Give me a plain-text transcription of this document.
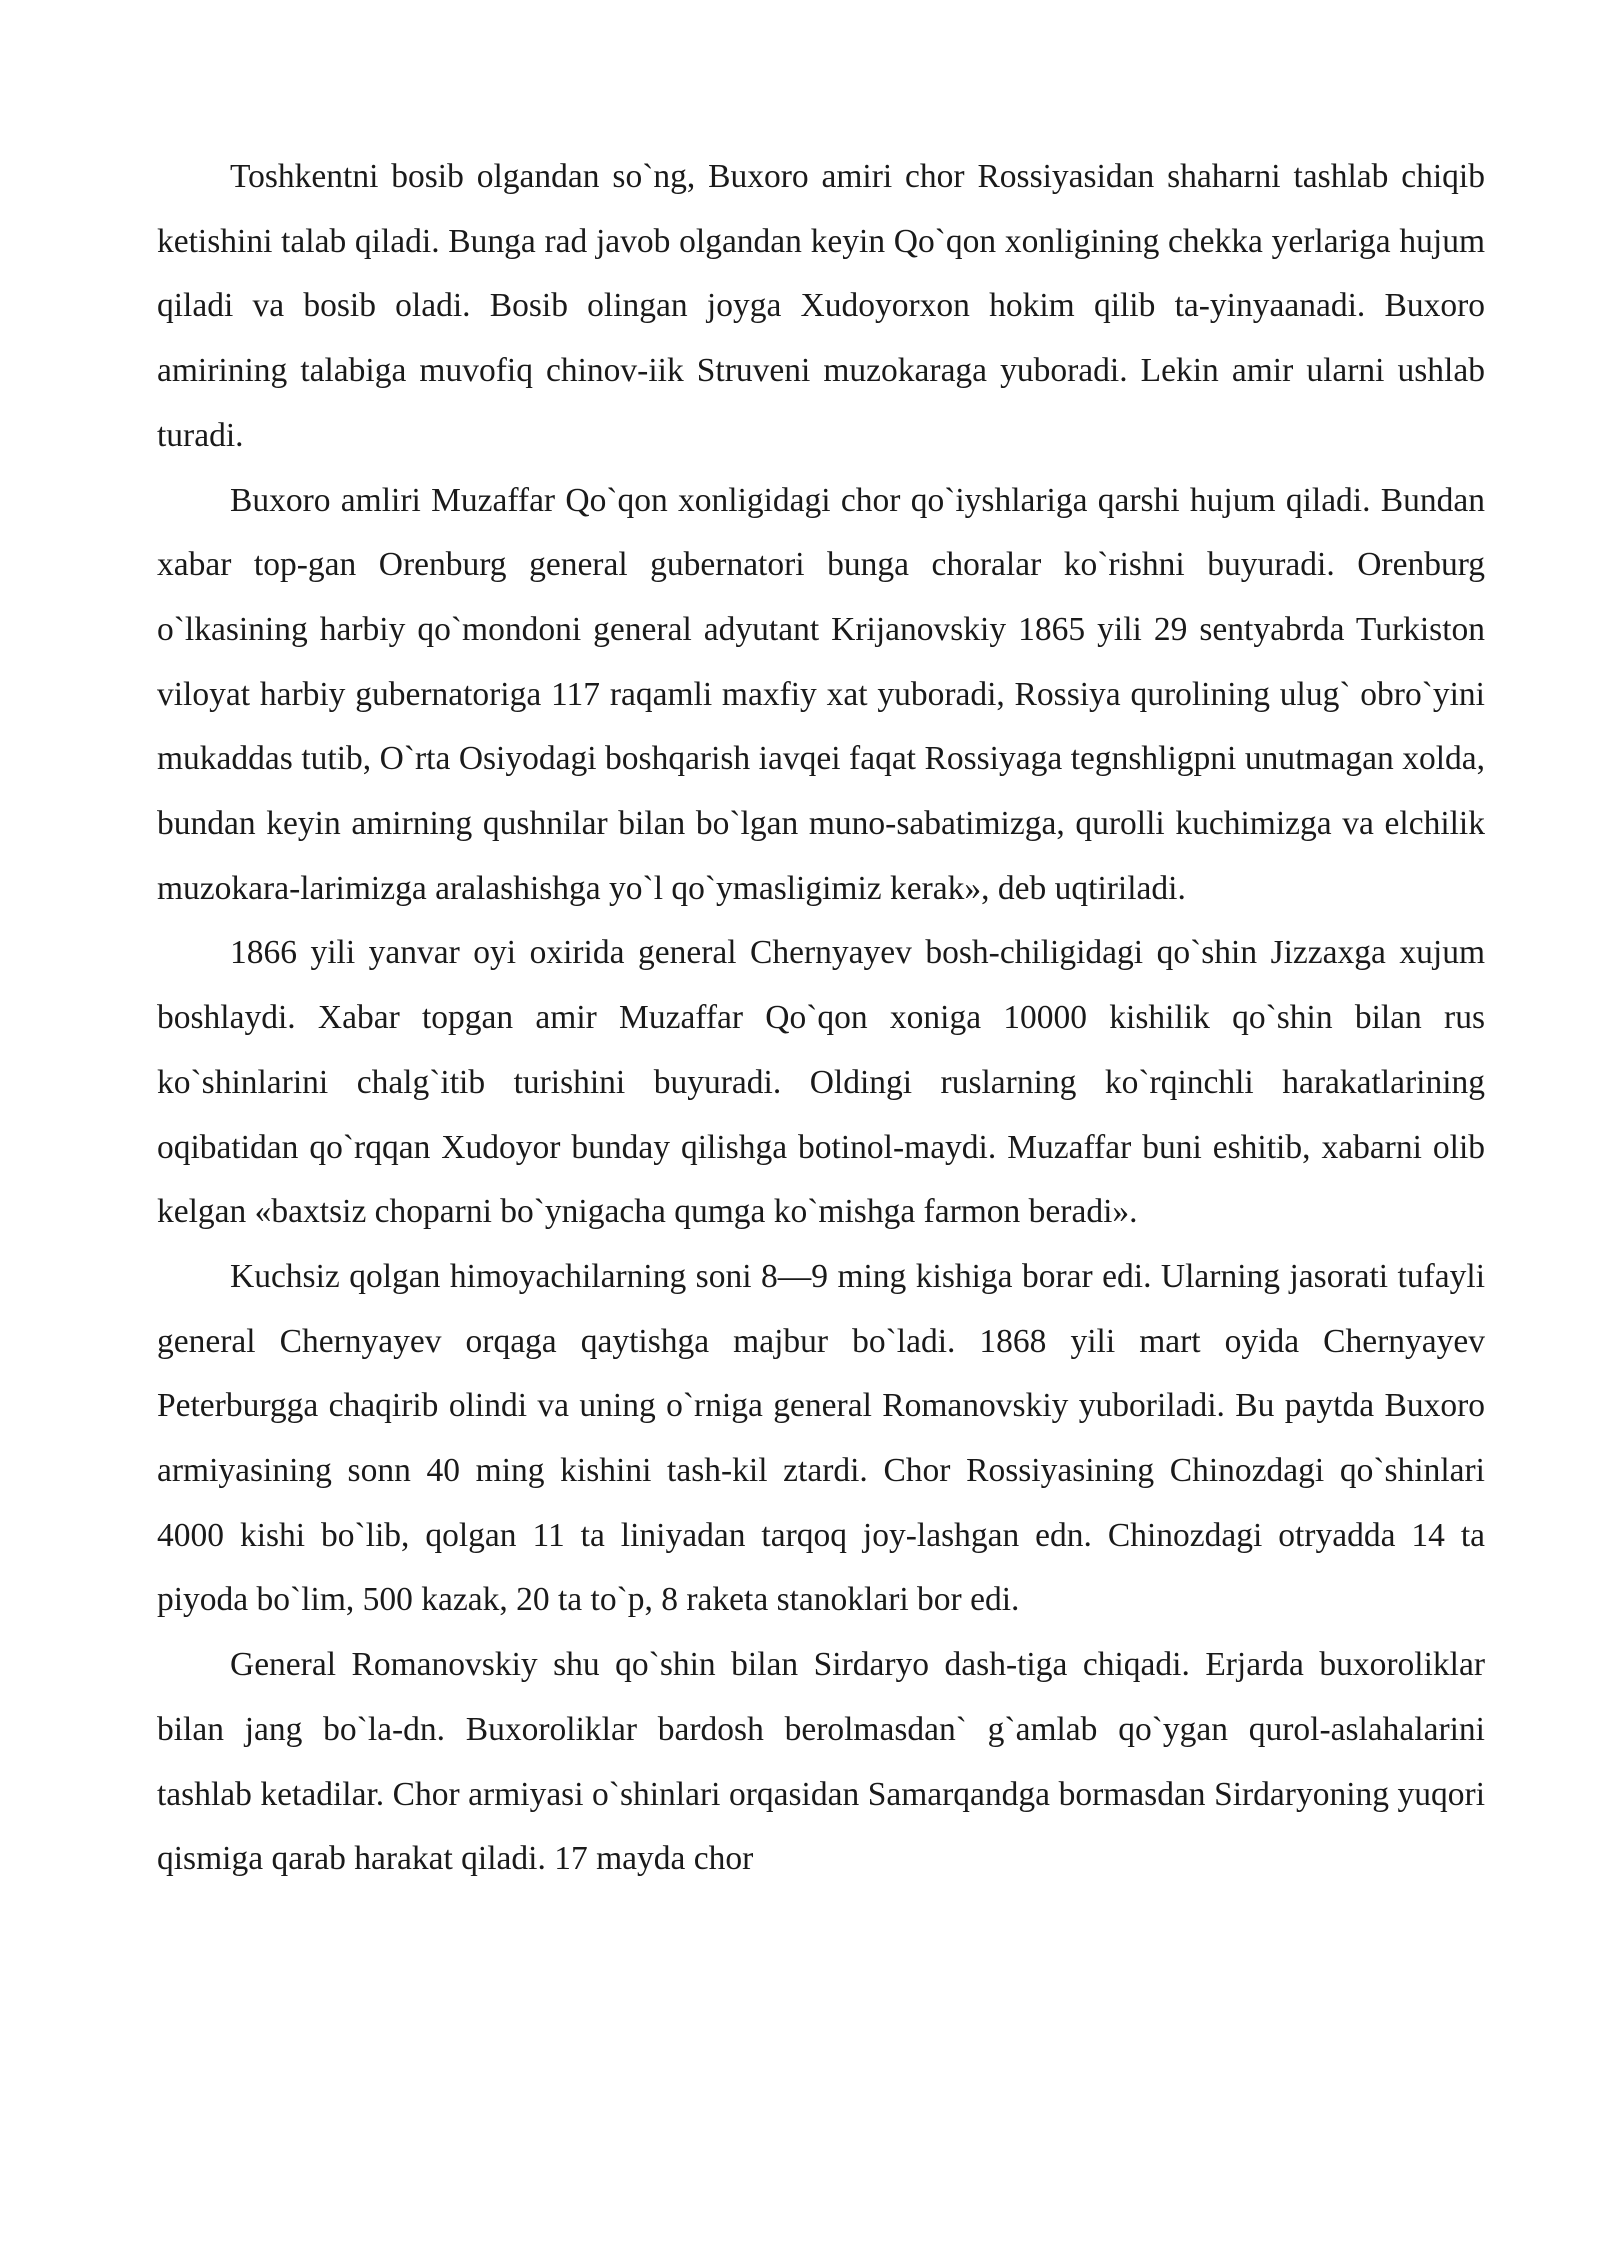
Toshkentni bosib olgandan so`ng, Buxoro amiri chor Rossiyasidan shaharni tashlab chiqib ketishini talab qiladi. Bunga rad javob olgandan keyin Qo`qon xonligining chekka yerlariga hujum qiladi va bosib oladi. Bosib olingan joyga Xudoyorxon hokim qilib ta-yinyaanadi. Buxoro amirining talabiga muvofiq chinov-iik Struveni muzokaraga yuboradi. Lekin amir ularni ushlab turadi.

Buxoro amliri Muzaffar Qo`qon xonligidagi chor qo`iyshlariga qarshi hujum qiladi. Bundan xabar top-gan Orenburg general gubernatori bunga choralar ko`rishni buyuradi. Orenburg o`lkasining harbiy qo`mondoni general adyutant Krijanovskiy 1865 yili 29 sentyabrda Turkiston viloyat harbiy gubernatoriga 117 raqamli maxfiy xat yuboradi, Rossiya qurolining ulug` obro`yini mukaddas tutib, O`rta Osiyodagi boshqarish iavqei faqat Rossiyaga tegnshligpni unutmagan xolda, bundan keyin amirning qushnilar bilan bo`lgan muno-sabatimizga, qurolli kuchimizga va elchilik muzokara-larimizga aralashishga yo`l qo`ymasligimiz kerak», deb uqtiriladi.

1866 yili yanvar oyi oxirida general Chernyayev bosh-chiligidagi qo`shin Jizzaxga xujum boshlaydi. Xabar topgan amir Muzaffar Qo`qon xoniga 10000 kishilik qo`shin bilan rus ko`shinlarini chalg`itib turishini buyuradi. Oldingi ruslarning ko`rqinchli harakatlarining oqibatidan qo`rqqan Xudoyor bunday qilishga botinol-maydi. Muzaffar buni eshitib, xabarni olib kelgan «baxtsiz choparni bo`ynigacha qumga ko`mishga farmon beradi».

Kuchsiz qolgan himoyachilarning soni 8—9 ming kishiga borar edi. Ularning jasorati tufayli general Chernyayev orqaga qaytishga majbur bo`ladi. 1868 yili mart oyida Chernyayev Peterburgga chaqirib olindi va uning o`rniga general Romanovskiy yuboriladi. Bu paytda Buxoro armiyasining sonn 40 ming kishini tash-kil ztardi. Chor Rossiyasining Chinozdagi qo`shinlari 4000 kishi bo`lib, qolgan 11 ta liniyadan tarqoq joy-lashgan edn. Chinozdagi otryadda 14 ta piyoda bo`lim, 500 kazak, 20 ta to`p, 8 raketa stanoklari bor edi.

General Romanovskiy shu qo`shin bilan Sirdaryo dash-tiga chiqadi. Erjarda buxoroliklar bilan jang bo`la-dn. Buxoroliklar bardosh berolmasdan` g`amlab qo`ygan qurol-aslahalarini tashlab ketadilar. Chor armiyasi o`shinlari orqasidan Samarqandga bormasdan Sirdaryoning yuqori qismiga qarab harakat qiladi. 17 mayda chor
